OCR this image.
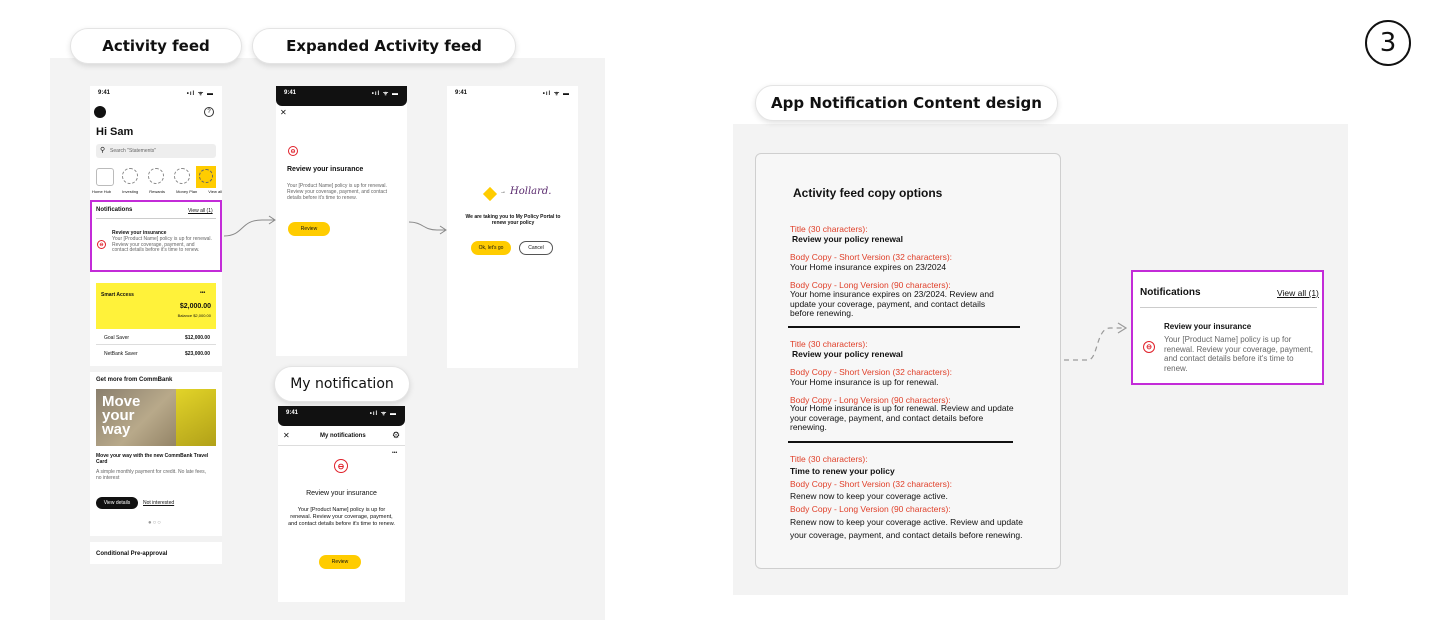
Activity feed	Expanded Activity feed
9:41	•ıl ᯤ ▬
?
Hi Sam
⚲ Search "Statements"
Home Hub	Investing	Rewards	Money Plan	View all
Notifications	View all (1)
⊖
Review your insurance
Your [Product Name] policy is up for renewal. Review your coverage, payment, and contact details before it's time to renew.
Smart Access	•••
$2,000.00
Balance $2,000.00
Goal Saver	$12,000.00
NetBank Saver	$23,000.00
Get more from CommBank
Move your way
Move your way with the new CommBank Travel Card
A simple monthly payment for credit. No late fees, no interest
View details	Not interested
●○○
Conditional Pre-approval
9:41	•ıl ᯤ ▬
✕
⊖
Review your insurance
Your [Product Name] policy is up for renewal. Review your coverage, payment, and contact details before it's time to renew.
Review
9:41	•ıl ᯤ ▬
→ Hollard.
We are taking you to My Policy Portal to renew your policy
Ok, let's go	Cancel
My notification
9:41	•ıl ᯤ ▬
✕	My notifications	⚙
•••
⊖
Review your insurance
Your [Product Name] policy is up for renewal. Review your coverage, payment, and contact details before it's time to renew.
Review
3
App Notification Content design
Activity feed copy options
Title (30 characters):
Review your policy renewal
Body Copy - Short Version (32 characters):
Your Home insurance expires on 23/2024
Body Copy - Long Version (90 characters):
Your home insurance expires on 23/2024. Review and update your coverage, payment, and contact details before renewing.
Title (30 characters):
Review your policy renewal
Body Copy - Short Version (32 characters):
Your Home insurance is up for renewal.
Body Copy - Long Version (90 characters):
Your Home insurance is up for renewal. Review and update your coverage, payment, and contact details before renewing.
Title (30 characters):
Time to renew your policy
Body Copy - Short Version (32 characters):
Renew now to keep your coverage active.
Body Copy - Long Version (90 characters):
Renew now to keep your coverage active. Review and update your coverage, payment, and contact details before renewing.
Notifications	View all (1)
⊖
Review your insurance
Your [Product Name] policy is up for renewal. Review your coverage, payment, and contact details before it's time to renew.
